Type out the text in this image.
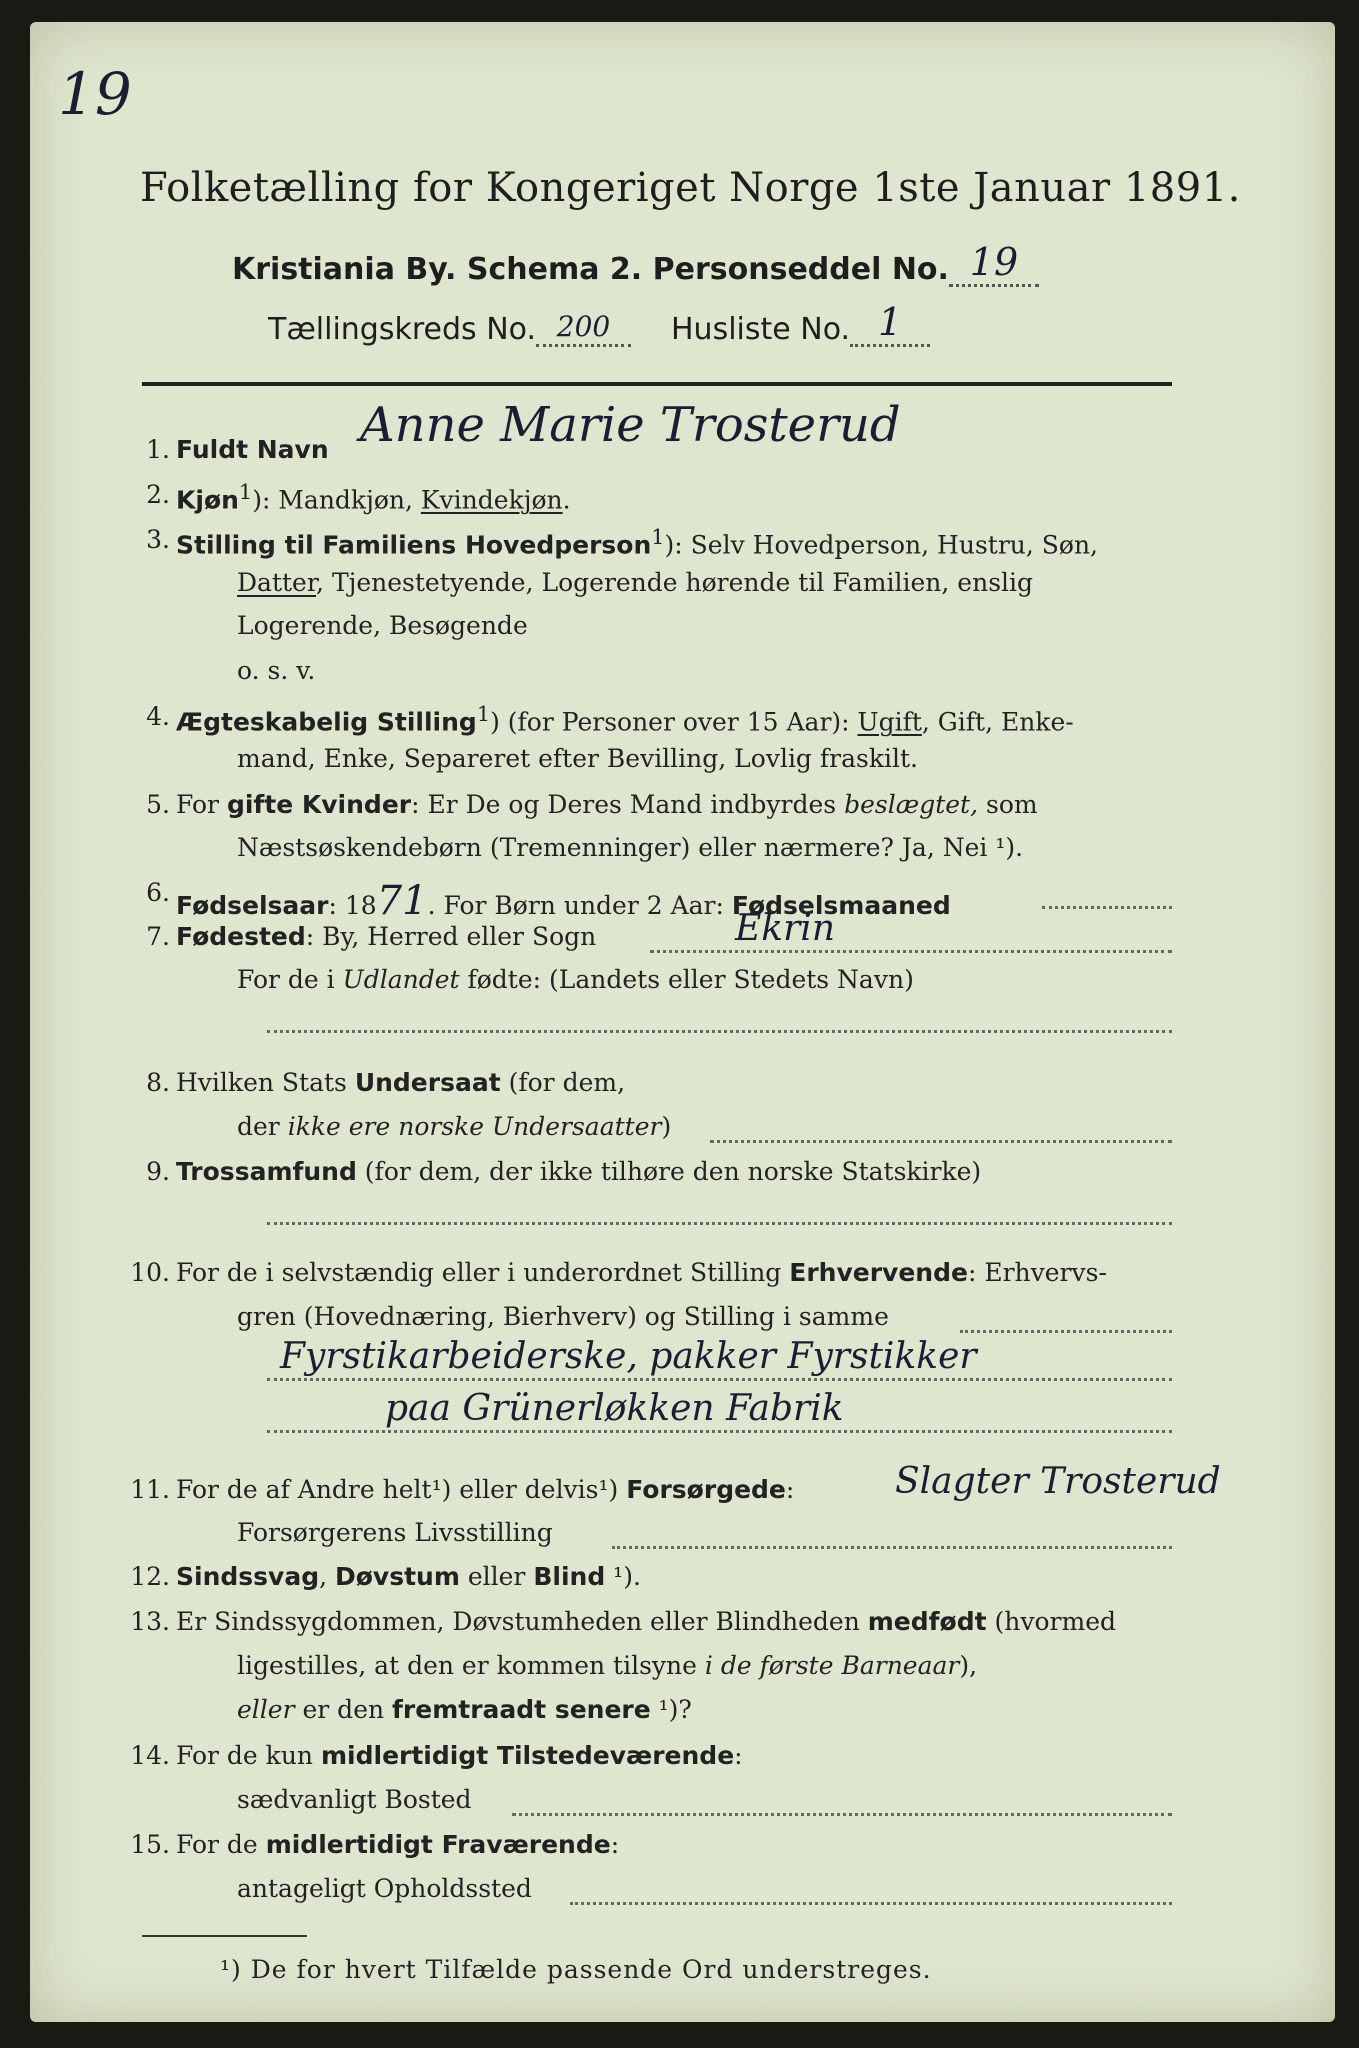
19
Folketælling for Kongeriget Norge 1ste Januar 1891.
Kristiania By. Schema 2. Personseddel No. 19
Tællingskreds No. 200 Husliste No. 1
1. Fuldt Navn Anne Marie Trosterud
2. Kjøn$^1$): Mandkjøn, Kvindekjøn.
3. Stilling til Familiens Hovedperson$^1$): Selv Hovedperson, Hustru, Søn,
Datter, Tjenestetyende, Logerende hørende til Familien, enslig
Logerende, Besøgende
o. s. v.
4. Ægteskabelig Stilling$^1$) (for Personer over 15 Aar): Ugift, Gift, Enke-
mand, Enke, Separeret efter Bevilling, Lovlig fraskilt.
5. For gifte Kvinder: Er De og Deres Mand indbyrdes beslægtet, som
Næstsøskendebørn (Tremenninger) eller nærmere? Ja, Nei ¹).
6. Fødselsaar: 1871. For Børn under 2 Aar: Fødselsmaaned
7. Fødested: By, Herred eller Sogn	Ekrin
For de i Udlandet fødte: (Landets eller Stedets Navn)
8. Hvilken Stats Undersaat (for dem,
der ikke ere norske Undersaatter)
9. Trossamfund (for dem, der ikke tilhøre den norske Statskirke)
10. For de i selvstændig eller i underordnet Stilling Erhvervende: Erhvervs-
gren (Hovednæring, Bierhverv) og Stilling i samme
Fyrstikarbeiderske, pakker Fyrstikker
paa Grünerløkken Fabrik
11. For de af Andre helt¹) eller delvis¹) Forsørgede:	Slagter Trosterud
Forsørgerens Livsstilling
12. Sindssvag, Døvstum eller Blind ¹).
13. Er Sindssygdommen, Døvstumheden eller Blindheden medfødt (hvormed
ligestilles, at den er kommen tilsyne i de første Barneaar),
eller er den fremtraadt senere ¹)?
14. For de kun midlertidigt Tilstedeværende:
sædvanligt Bosted
15. For de midlertidigt Fraværende:
antageligt Opholdssted
¹) De for hvert Tilfælde passende Ord understreges.
